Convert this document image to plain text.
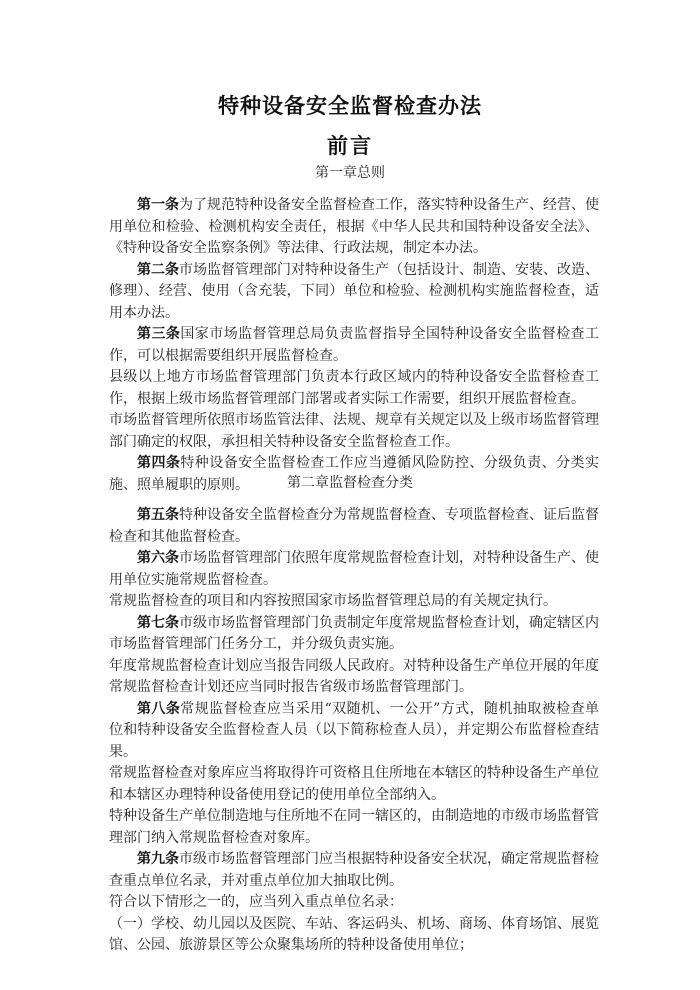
特种设备安全监督检查办法
前言
第一章总则

第一条为了规范特种设备安全监督检查工作，落实特种设备生产、经营、使用单位和检验、检测机构安全责任，根据《中华人民共和国特种设备安全法》、《特种设备安全监察条例》等法律、行政法规，制定本办法。

第二条市场监督管理部门对特种设备生产（包括设计、制造、安装、改造、修理）、经营、使用（含充装，下同）单位和检验、检测机构实施监督检查，适用本办法。

第三条国家市场监督管理总局负责监督指导全国特种设备安全监督检查工作，可以根据需要组织开展监督检查。

县级以上地方市场监督管理部门负责本行政区域内的特种设备安全监督检查工作，根据上级市场监督管理部门部署或者实际工作需要，组织开展监督检查。

市场监督管理所依照市场监管法律、法规、规章有关规定以及上级市场监督管理部门确定的权限，承担相关特种设备安全监督检查工作。

第四条特种设备安全监督检查工作应当遵循风险防控、分级负责、分类实施、照单履职的原则。	第二章监督检查分类

第五条特种设备安全监督检查分为常规监督检查、专项监督检查、证后监督检查和其他监督检查。

第六条市场监督管理部门依照年度常规监督检查计划，对特种设备生产、使用单位实施常规监督检查。

常规监督检查的项目和内容按照国家市场监督管理总局的有关规定执行。

第七条市级市场监督管理部门负责制定年度常规监督检查计划，确定辖区内市场监督管理部门任务分工，并分级负责实施。

年度常规监督检查计划应当报告同级人民政府。对特种设备生产单位开展的年度常规监督检查计划还应当同时报告省级市场监督管理部门。

第八条常规监督检查应当采用“双随机、一公开”方式，随机抽取被检查单位和特种设备安全监督检查人员（以下简称检查人员），并定期公布监督检查结果。

常规监督检查对象库应当将取得许可资格且住所地在本辖区的特种设备生产单位和本辖区办理特种设备使用登记的使用单位全部纳入。

特种设备生产单位制造地与住所地不在同一辖区的，由制造地的市级市场监督管理部门纳入常规监督检查对象库。

第九条市级市场监督管理部门应当根据特种设备安全状况，确定常规监督检查重点单位名录，并对重点单位加大抽取比例。

符合以下情形之一的，应当列入重点单位名录：

（一）学校、幼儿园以及医院、车站、客运码头、机场、商场、体育场馆、展览馆、公园、旅游景区等公众聚集场所的特种设备使用单位；
